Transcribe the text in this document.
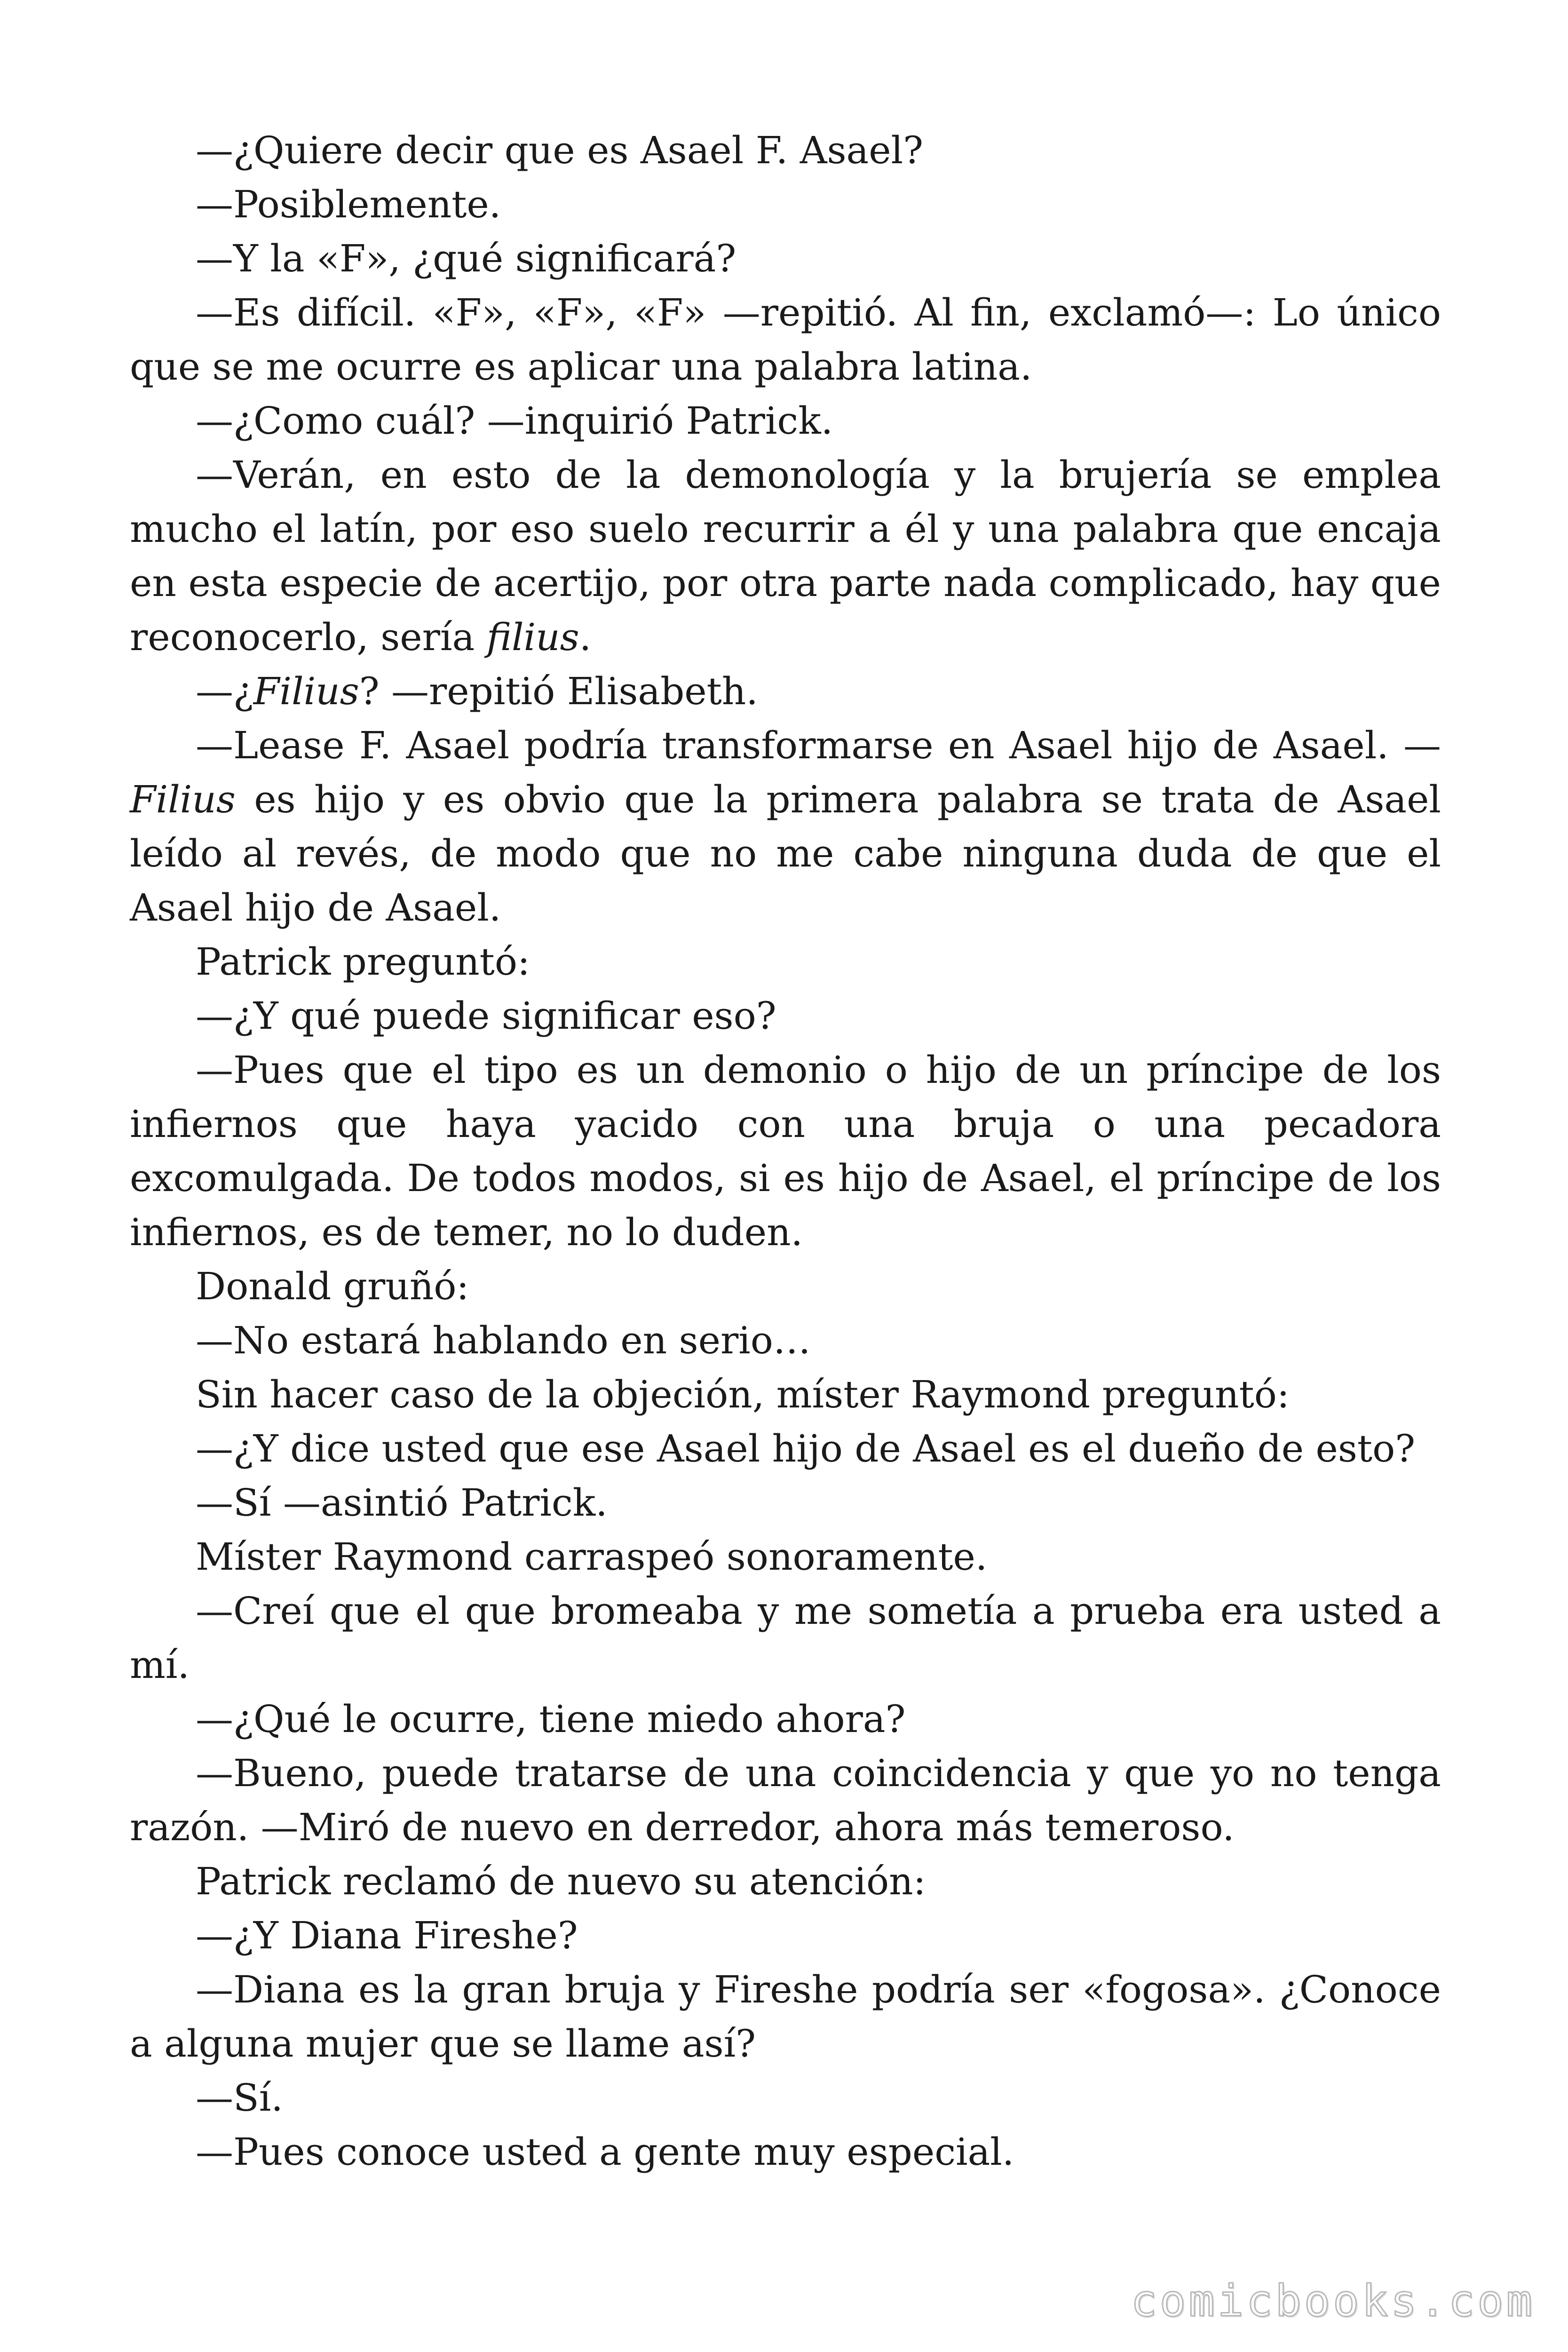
—¿Quiere decir que es Asael F. Asael?

—Posiblemente.

—Y la «F», ¿qué significará?

—Es difícil. «F», «F», «F» —repitió. Al fin, exclamó—: Lo único que se me ocurre es aplicar una palabra latina.

—¿Como cuál? —inquirió Patrick.

—Verán, en esto de la demonología y la brujería se emplea mucho el latín, por eso suelo recurrir a él y una palabra que encaja en esta especie de acertijo, por otra parte nada complicado, hay que reconocerlo, sería filius.

—¿Filius? —repitió Elisabeth.

—Lease F. Asael podría transformarse en Asael hijo de Asael. —Filius es hijo y es obvio que la primera palabra se trata de Asael leído al revés, de modo que no me cabe ninguna duda de que el Asael hijo de Asael.

Patrick preguntó:

—¿Y qué puede significar eso?

—Pues que el tipo es un demonio o hijo de un príncipe de los infiernos que haya yacido con una bruja o una pecadora excomulgada. De todos modos, si es hijo de Asael, el príncipe de los infiernos, es de temer, no lo duden.

Donald gruñó:

—No estará hablando en serio…

Sin hacer caso de la objeción, míster Raymond preguntó:

—¿Y dice usted que ese Asael hijo de Asael es el dueño de esto?

—Sí —asintió Patrick.

Míster Raymond carraspeó sonoramente.

—Creí que el que bromeaba y me sometía a prueba era usted a mí.

—¿Qué le ocurre, tiene miedo ahora?

—Bueno, puede tratarse de una coincidencia y que yo no tenga razón. —Miró de nuevo en derredor, ahora más temeroso.

Patrick reclamó de nuevo su atención:

—¿Y Diana Fireshe?

—Diana es la gran bruja y Fireshe podría ser «fogosa». ¿Conoce a alguna mujer que se llame así?

—Sí.

—Pues conoce usted a gente muy especial.

comicbooks.com
